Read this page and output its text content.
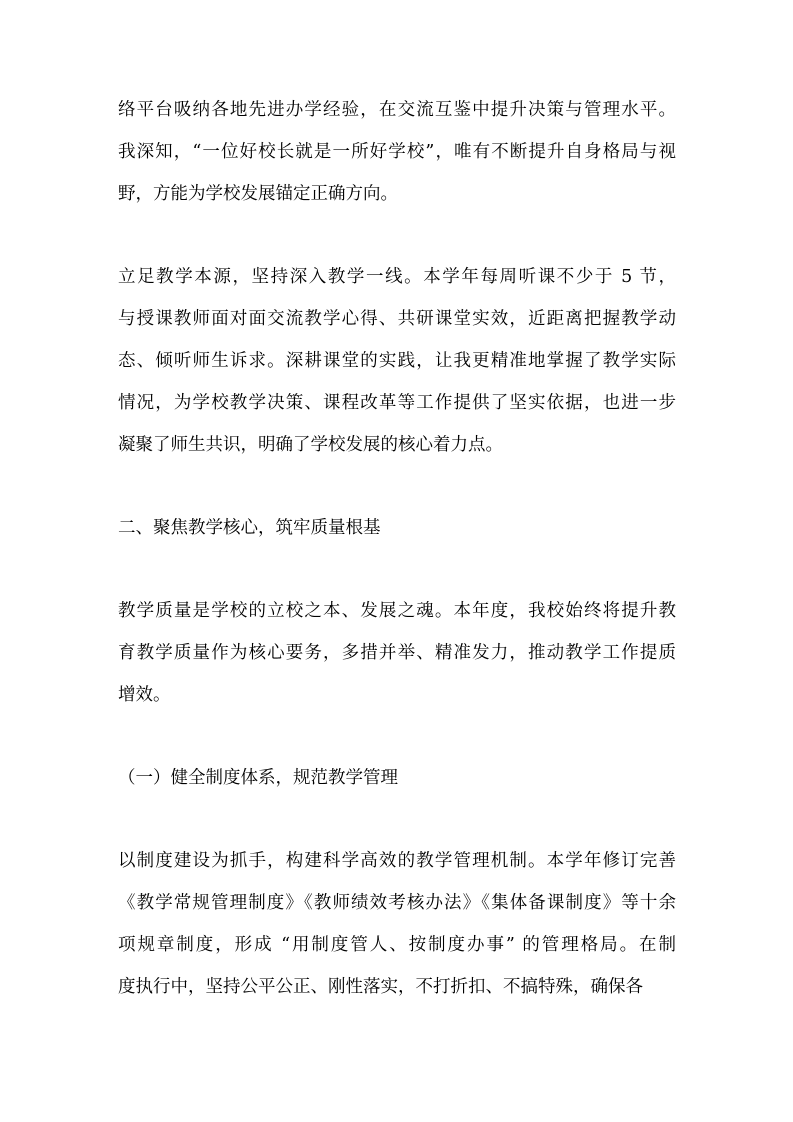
络平台吸纳各地先进办学经验，在交流互鉴中提升决策与管理水平。
我深知，“一位好校长就是一所好学校”，唯有不断提升自身格局与视
野，方能为学校发展锚定正确方向。
立足教学本源，坚持深入教学一线。本学年每周听课不少于 5 节，
与授课教师面对面交流教学心得、共研课堂实效，近距离把握教学动
态、倾听师生诉求。深耕课堂的实践，让我更精准地掌握了教学实际
情况，为学校教学决策、课程改革等工作提供了坚实依据，也进一步
凝聚了师生共识，明确了学校发展的核心着力点。
二、聚焦教学核心，筑牢质量根基
教学质量是学校的立校之本、发展之魂。本年度，我校始终将提升教
育教学质量作为核心要务，多措并举、精准发力，推动教学工作提质
增效。
（一）健全制度体系，规范教学管理
以制度建设为抓手，构建科学高效的教学管理机制。本学年修订完善
《教学常规管理制度》《教师绩效考核办法》《集体备课制度》等十余
项规章制度，形成 “用制度管人、按制度办事” 的管理格局。在制
度执行中，坚持公平公正、刚性落实，不打折扣、不搞特殊，确保各
